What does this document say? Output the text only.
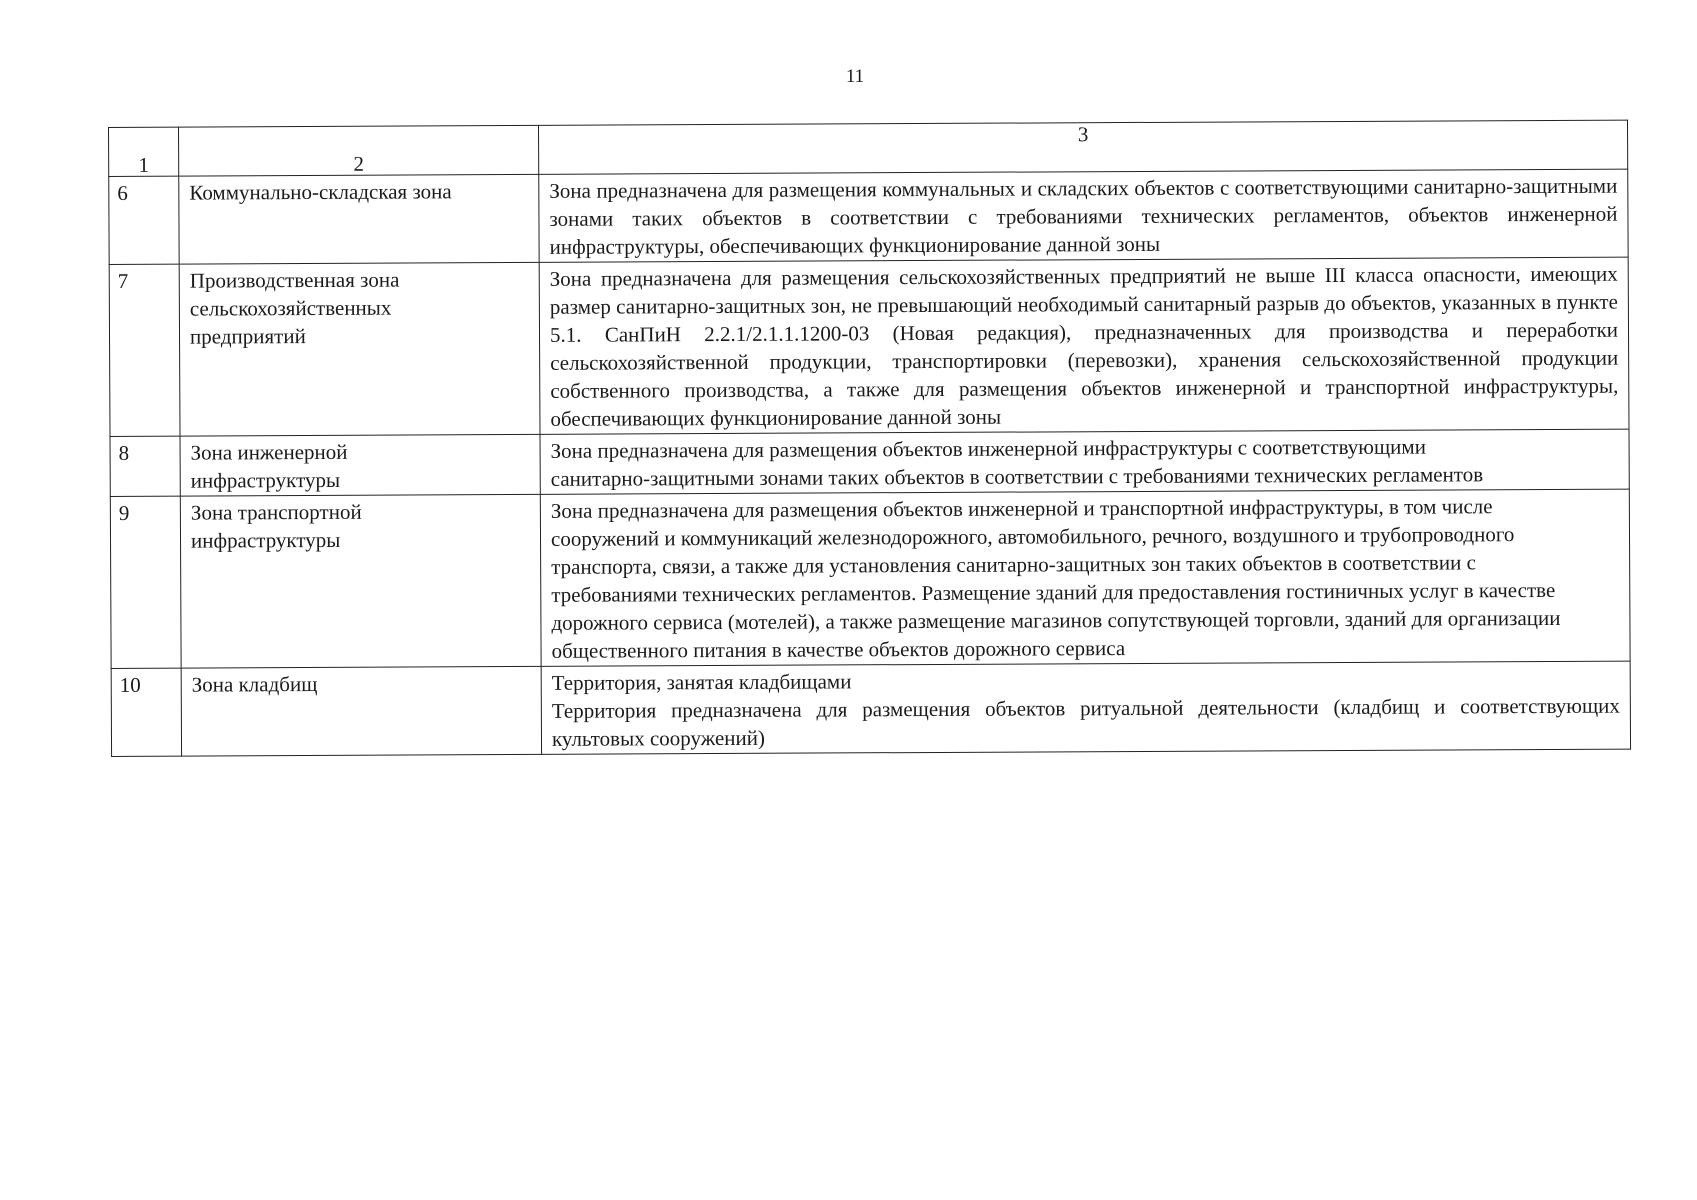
11
1	2	3
6	Коммунально-складская зона	Зона предназначена для размещения коммунальных и складских объектов с соответствующими санитарно-защитными зонами таких объектов в соответствии с требованиями технических регламентов, объектов инженерной инфраструктуры, обеспечивающих функционирование данной зоны
7	Производственная зона сельскохозяйственных предприятий	Зона предназначена для размещения сельскохозяйственных предприятий не выше III класса опасности, имеющих размер санитарно-защитных зон, не превышающий необходимый санитарный разрыв до объектов, указанных в пункте 5.1. СанПиН 2.2.1/2.1.1.1200-03 (Новая редакция), предназначенных для производства и переработки сельскохозяйственной продукции, транспортировки (перевозки), хранения сельскохозяйственной продукции собственного производства, а также для размещения объектов инженерной и транспортной инфраструктуры, обеспечивающих функционирование данной зоны
8	Зона инженерной инфраструктуры	Зона предназначена для размещения объектов инженерной инфраструктуры с соответствующими санитарно-защитными зонами таких объектов в соответствии с требованиями технических регламентов
9	Зона транспортной инфраструктуры	Зона предназначена для размещения объектов инженерной и транспортной инфраструктуры, в том числе сооружений и коммуникаций железнодорожного, автомобильного, речного, воздушного и трубопроводного транспорта, связи, а также для установления санитарно-защитных зон таких объектов в соответствии с требованиями технических регламентов. Размещение зданий для предоставления гостиничных услуг в качестве дорожного сервиса (мотелей), а также размещение магазинов сопутствующей торговли, зданий для организации общественного питания в качестве объектов дорожного сервиса
10	Зона кладбищ	Территория, занятая кладбищами

Территория предназначена для размещения объектов ритуальной деятельности (кладбищ и соответствующих культовых сооружений)
